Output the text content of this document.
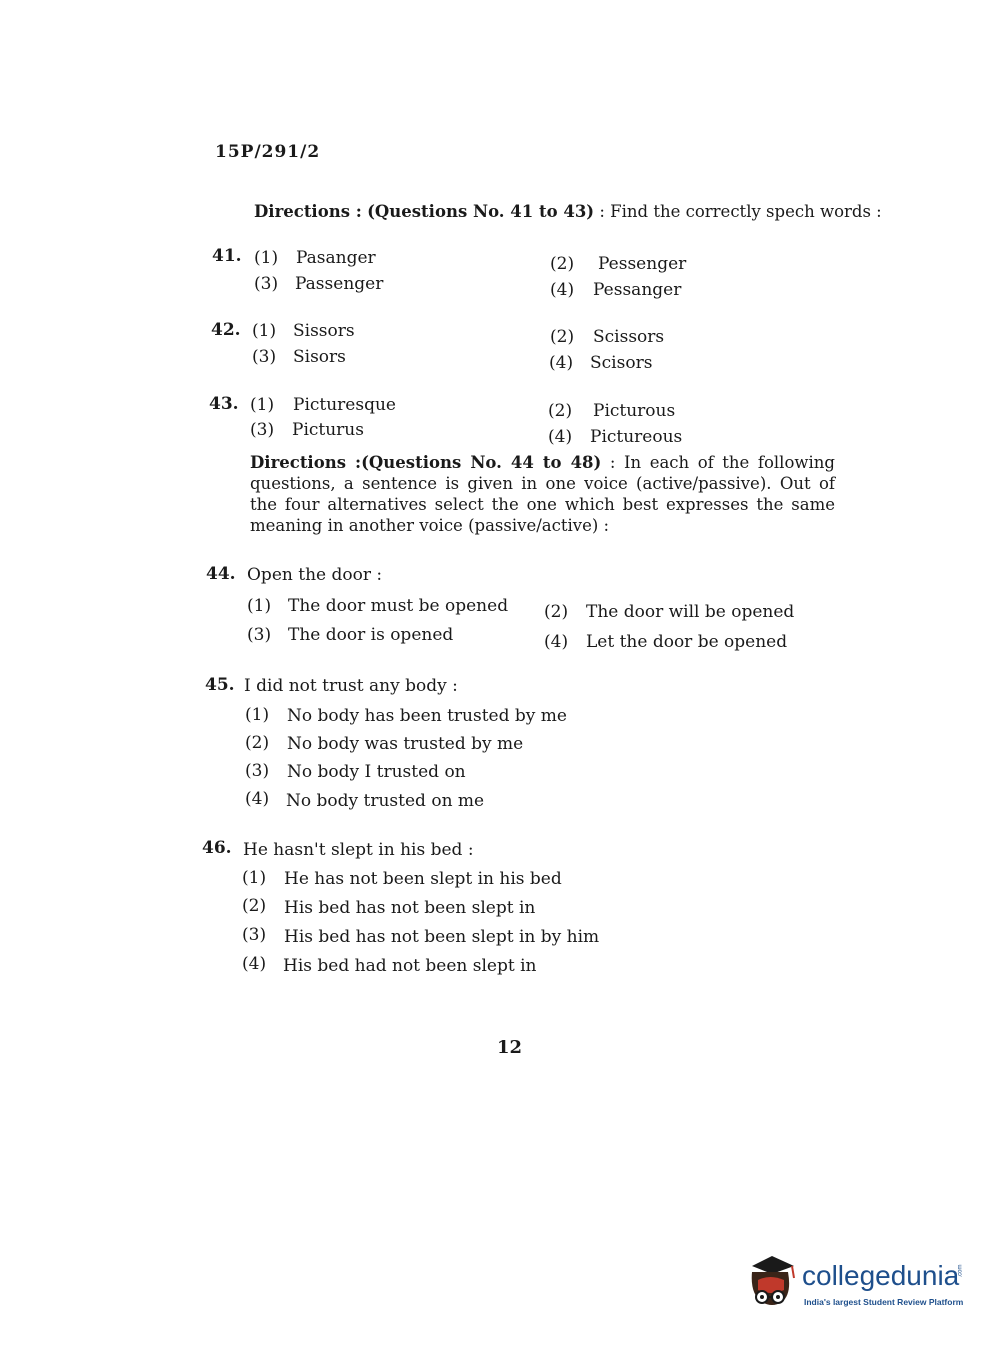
15P/291/2
Directions : (Questions No. 41 to 43) : Find the correctly spech words :
41. (1) Pasanger	(2) Pessenger
(3) Passenger	(4) Pessanger
42. (1) Sissors	(2) Scissors
(3) Sisors	(4) Scisors
43. (1) Picturesque	(2) Picturous
(3) Picturus	(4) Pictureous
Directions :(Questions No. 44 to 48) : In each of the following questions, a sentence is given in one voice (active/passive). Out of the four alternatives select the one which best expresses the same meaning in another voice (passive/active) :
44. Open the door :
(1) The door must be opened (2) The door will be opened
(3) The door is opened	(4) Let the door be opened
45. I did not trust any body :
(1) No body has been trusted by me
(2) No body was trusted by me
(3) No body I trusted on
(4) No body trusted on me
46. He hasn't slept in his bed :
(1) He has not been slept in his bed
(2) His bed has not been slept in
(3) His bed has not been slept in by him
(4) His bed had not been slept in
12
collegedunia
.com
India's largest Student Review Platform
